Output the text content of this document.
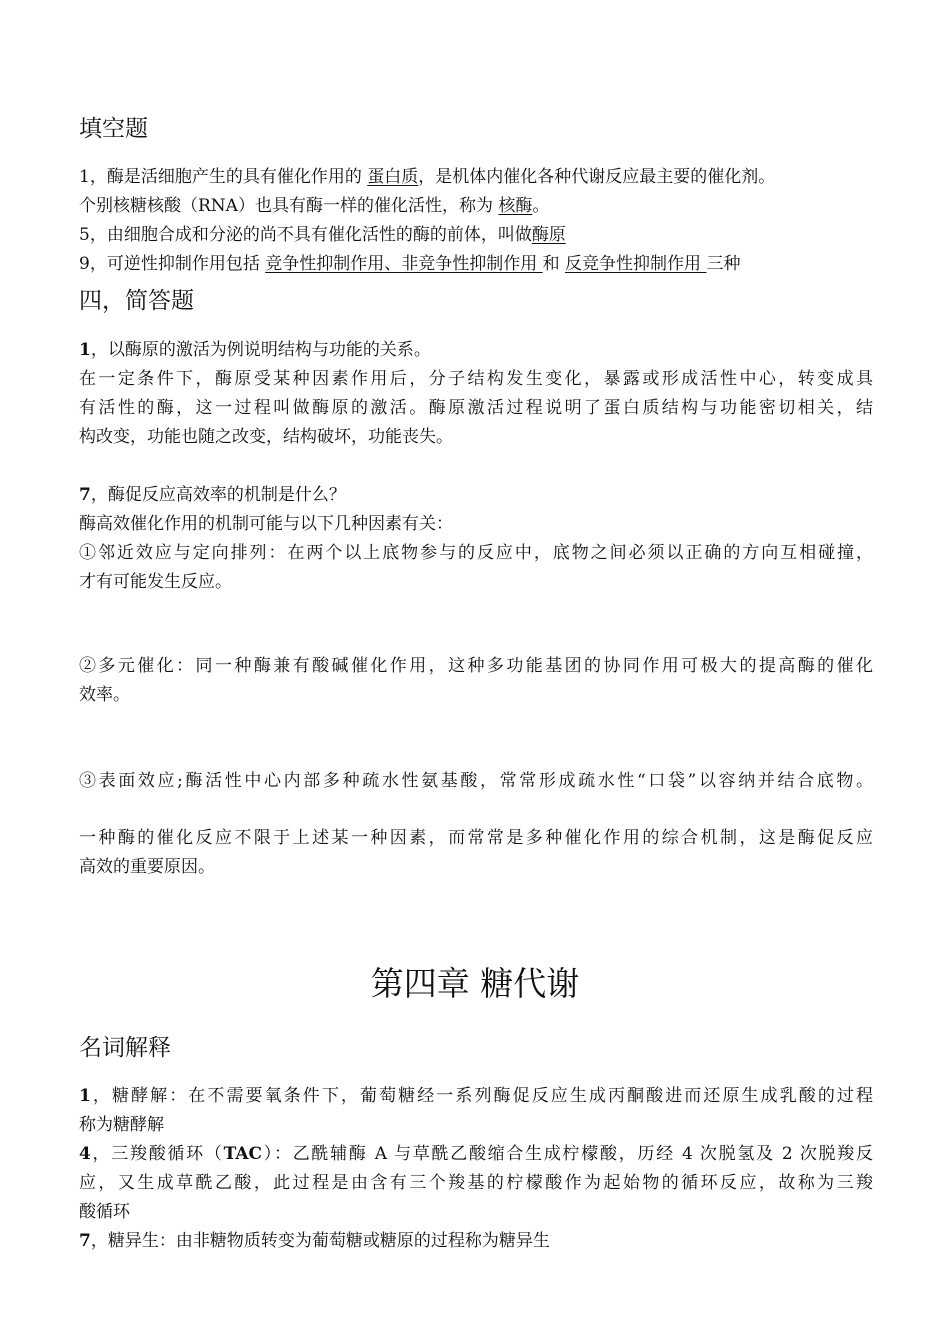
填空题
1，酶是活细胞产生的具有催化作用的 蛋白质，是机体内催化各种代谢反应最主要的催化剂。
个别核糖核酸（RNA）也具有酶一样的催化活性，称为 核酶。
5，由细胞合成和分泌的尚不具有催化活性的酶的前体，叫做酶原
9，可逆性抑制作用包括 竞争性抑制作用、非竞争性抑制作用 和 反竞争性抑制作用 三种
四，简答题
1，以酶原的激活为例说明结构与功能的关系。
在一定条件下，酶原受某种因素作用后，分子结构发生变化，暴露或形成活性中心，转变成具
有活性的酶，这一过程叫做酶原的激活。酶原激活过程说明了蛋白质结构与功能密切相关，结
构改变，功能也随之改变，结构破坏，功能丧失。
7，酶促反应高效率的机制是什么？
酶高效催化作用的机制可能与以下几种因素有关：
①邻近效应与定向排列：在两个以上底物参与的反应中，底物之间必须以正确的方向互相碰撞，
才有可能发生反应。
②多元催化：同一种酶兼有酸碱催化作用，这种多功能基团的协同作用可极大的提高酶的催化
效率。
③表面效应;酶活性中心内部多种疏水性氨基酸，常常形成疏水性“口袋”以容纳并结合底物。
一种酶的催化反应不限于上述某一种因素，而常常是多种催化作用的综合机制，这是酶促反应
高效的重要原因。
第四章 糖代谢
名词解释
1，糖酵解：在不需要氧条件下，葡萄糖经一系列酶促反应生成丙酮酸进而还原生成乳酸的过程
称为糖酵解
4，三羧酸循环（TAC）：乙酰辅酶 A 与草酰乙酸缩合生成柠檬酸，历经 4 次脱氢及 2 次脱羧反
应，又生成草酰乙酸，此过程是由含有三个羧基的柠檬酸作为起始物的循环反应，故称为三羧
酸循环
7，糖异生：由非糖物质转变为葡萄糖或糖原的过程称为糖异生
